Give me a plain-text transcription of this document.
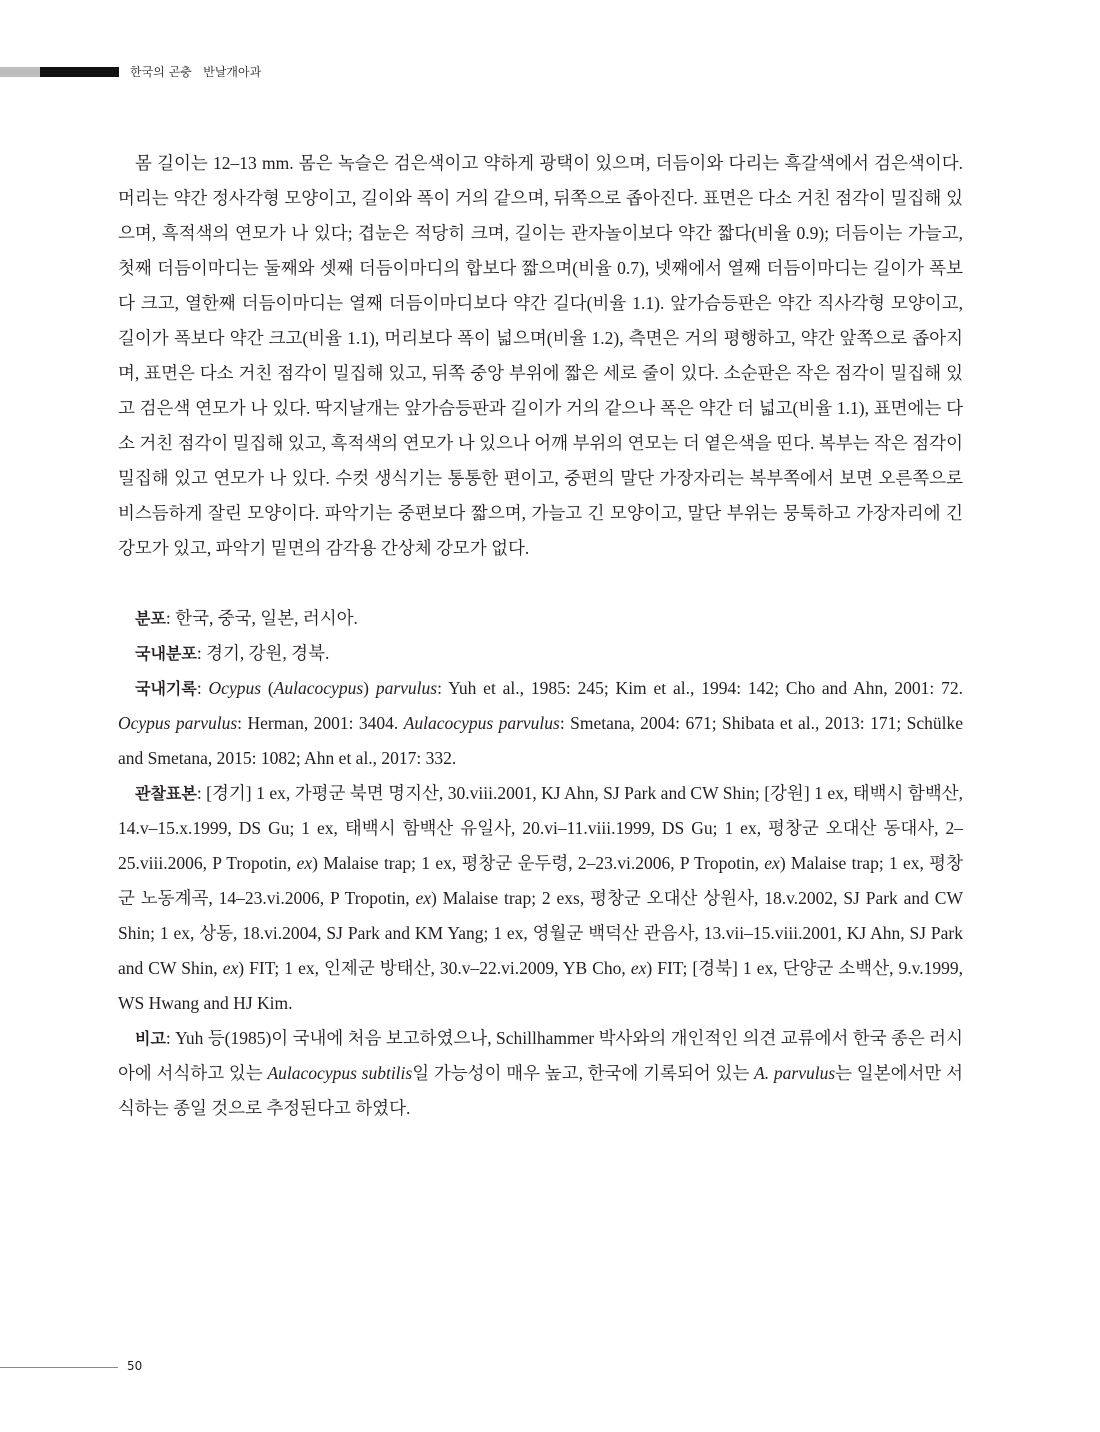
한국의 곤충 반날개아과

몸 길이는 12–13 mm. 몸은 녹슬은 검은색이고 약하게 광택이 있으며, 더듬이와 다리는 흑갈색에서 검은색이다. 머리는 약간 정사각형 모양이고, 길이와 폭이 거의 같으며, 뒤쪽으로 좁아진다. 표면은 다소 거친 점각이 밀집해 있으며, 흑적색의 연모가 나 있다; 겹눈은 적당히 크며, 길이는 관자놀이보다 약간 짧다(비율 0.9); 더듬이는 가늘고, 첫째 더듬이마디는 둘째와 셋째 더듬이마디의 합보다 짧으며(비율 0.7), 넷째에서 열째 더듬이마디는 길이가 폭보다 크고, 열한째 더듬이마디는 열째 더듬이마디보다 약간 길다(비율 1.1). 앞가슴등판은 약간 직사각형 모양이고, 길이가 폭보다 약간 크고(비율 1.1), 머리보다 폭이 넓으며(비율 1.2), 측면은 거의 평행하고, 약간 앞쪽으로 좁아지며, 표면은 다소 거친 점각이 밀집해 있고, 뒤쪽 중앙 부위에 짧은 세로 줄이 있다. 소순판은 작은 점각이 밀집해 있고 검은색 연모가 나 있다. 딱지날개는 앞가슴등판과 길이가 거의 같으나 폭은 약간 더 넓고(비율 1.1), 표면에는 다소 거친 점각이 밀집해 있고, 흑적색의 연모가 나 있으나 어깨 부위의 연모는 더 옅은색을 띤다. 복부는 작은 점각이 밀집해 있고 연모가 나 있다. 수컷 생식기는 통통한 편이고, 중편의 말단 가장자리는 복부쪽에서 보면 오른쪽으로 비스듬하게 잘린 모양이다. 파악기는 중편보다 짧으며, 가늘고 긴 모양이고, 말단 부위는 뭉툭하고 가장자리에 긴 강모가 있고, 파악기 밑면의 감각용 간상체 강모가 없다.

분포: 한국, 중국, 일본, 러시아.

국내분포: 경기, 강원, 경북.

국내기록: Ocypus (Aulacocypus) parvulus: Yuh et al., 1985: 245; Kim et al., 1994: 142; Cho and Ahn, 2001: 72. Ocypus parvulus: Herman, 2001: 3404. Aulacocypus parvulus: Smetana, 2004: 671; Shibata et al., 2013: 171; Schülke and Smetana, 2015: 1082; Ahn et al., 2017: 332.

관찰표본: [경기] 1 ex, 가평군 북면 명지산, 30.viii.2001, KJ Ahn, SJ Park and CW Shin; [강원] 1 ex, 태백시 함백산, 14.v–15.x.1999, DS Gu; 1 ex, 태백시 함백산 유일사, 20.vi–11.viii.1999, DS Gu; 1 ex, 평창군 오대산 동대사, 2–25.viii.2006, P Tropotin, ex) Malaise trap; 1 ex, 평창군 운두령, 2–23.vi.2006, P Tropotin, ex) Malaise trap; 1 ex, 평창군 노동계곡, 14–23.vi.2006, P Tropotin, ex) Malaise trap; 2 exs, 평창군 오대산 상원사, 18.v.2002, SJ Park and CW Shin; 1 ex, 상동, 18.vi.2004, SJ Park and KM Yang; 1 ex, 영월군 백덕산 관음사, 13.vii–15.viii.2001, KJ Ahn, SJ Park and CW Shin, ex) FIT; 1 ex, 인제군 방태산, 30.v–22.vi.2009, YB Cho, ex) FIT; [경북] 1 ex, 단양군 소백산, 9.v.1999, WS Hwang and HJ Kim.

비고: Yuh 등(1985)이 국내에 처음 보고하였으나, Schillhammer 박사와의 개인적인 의견 교류에서 한국 종은 러시아에 서식하고 있는 Aulacocypus subtilis일 가능성이 매우 높고, 한국에 기록되어 있는 A. parvulus는 일본에서만 서식하는 종일 것으로 추정된다고 하였다.

50
